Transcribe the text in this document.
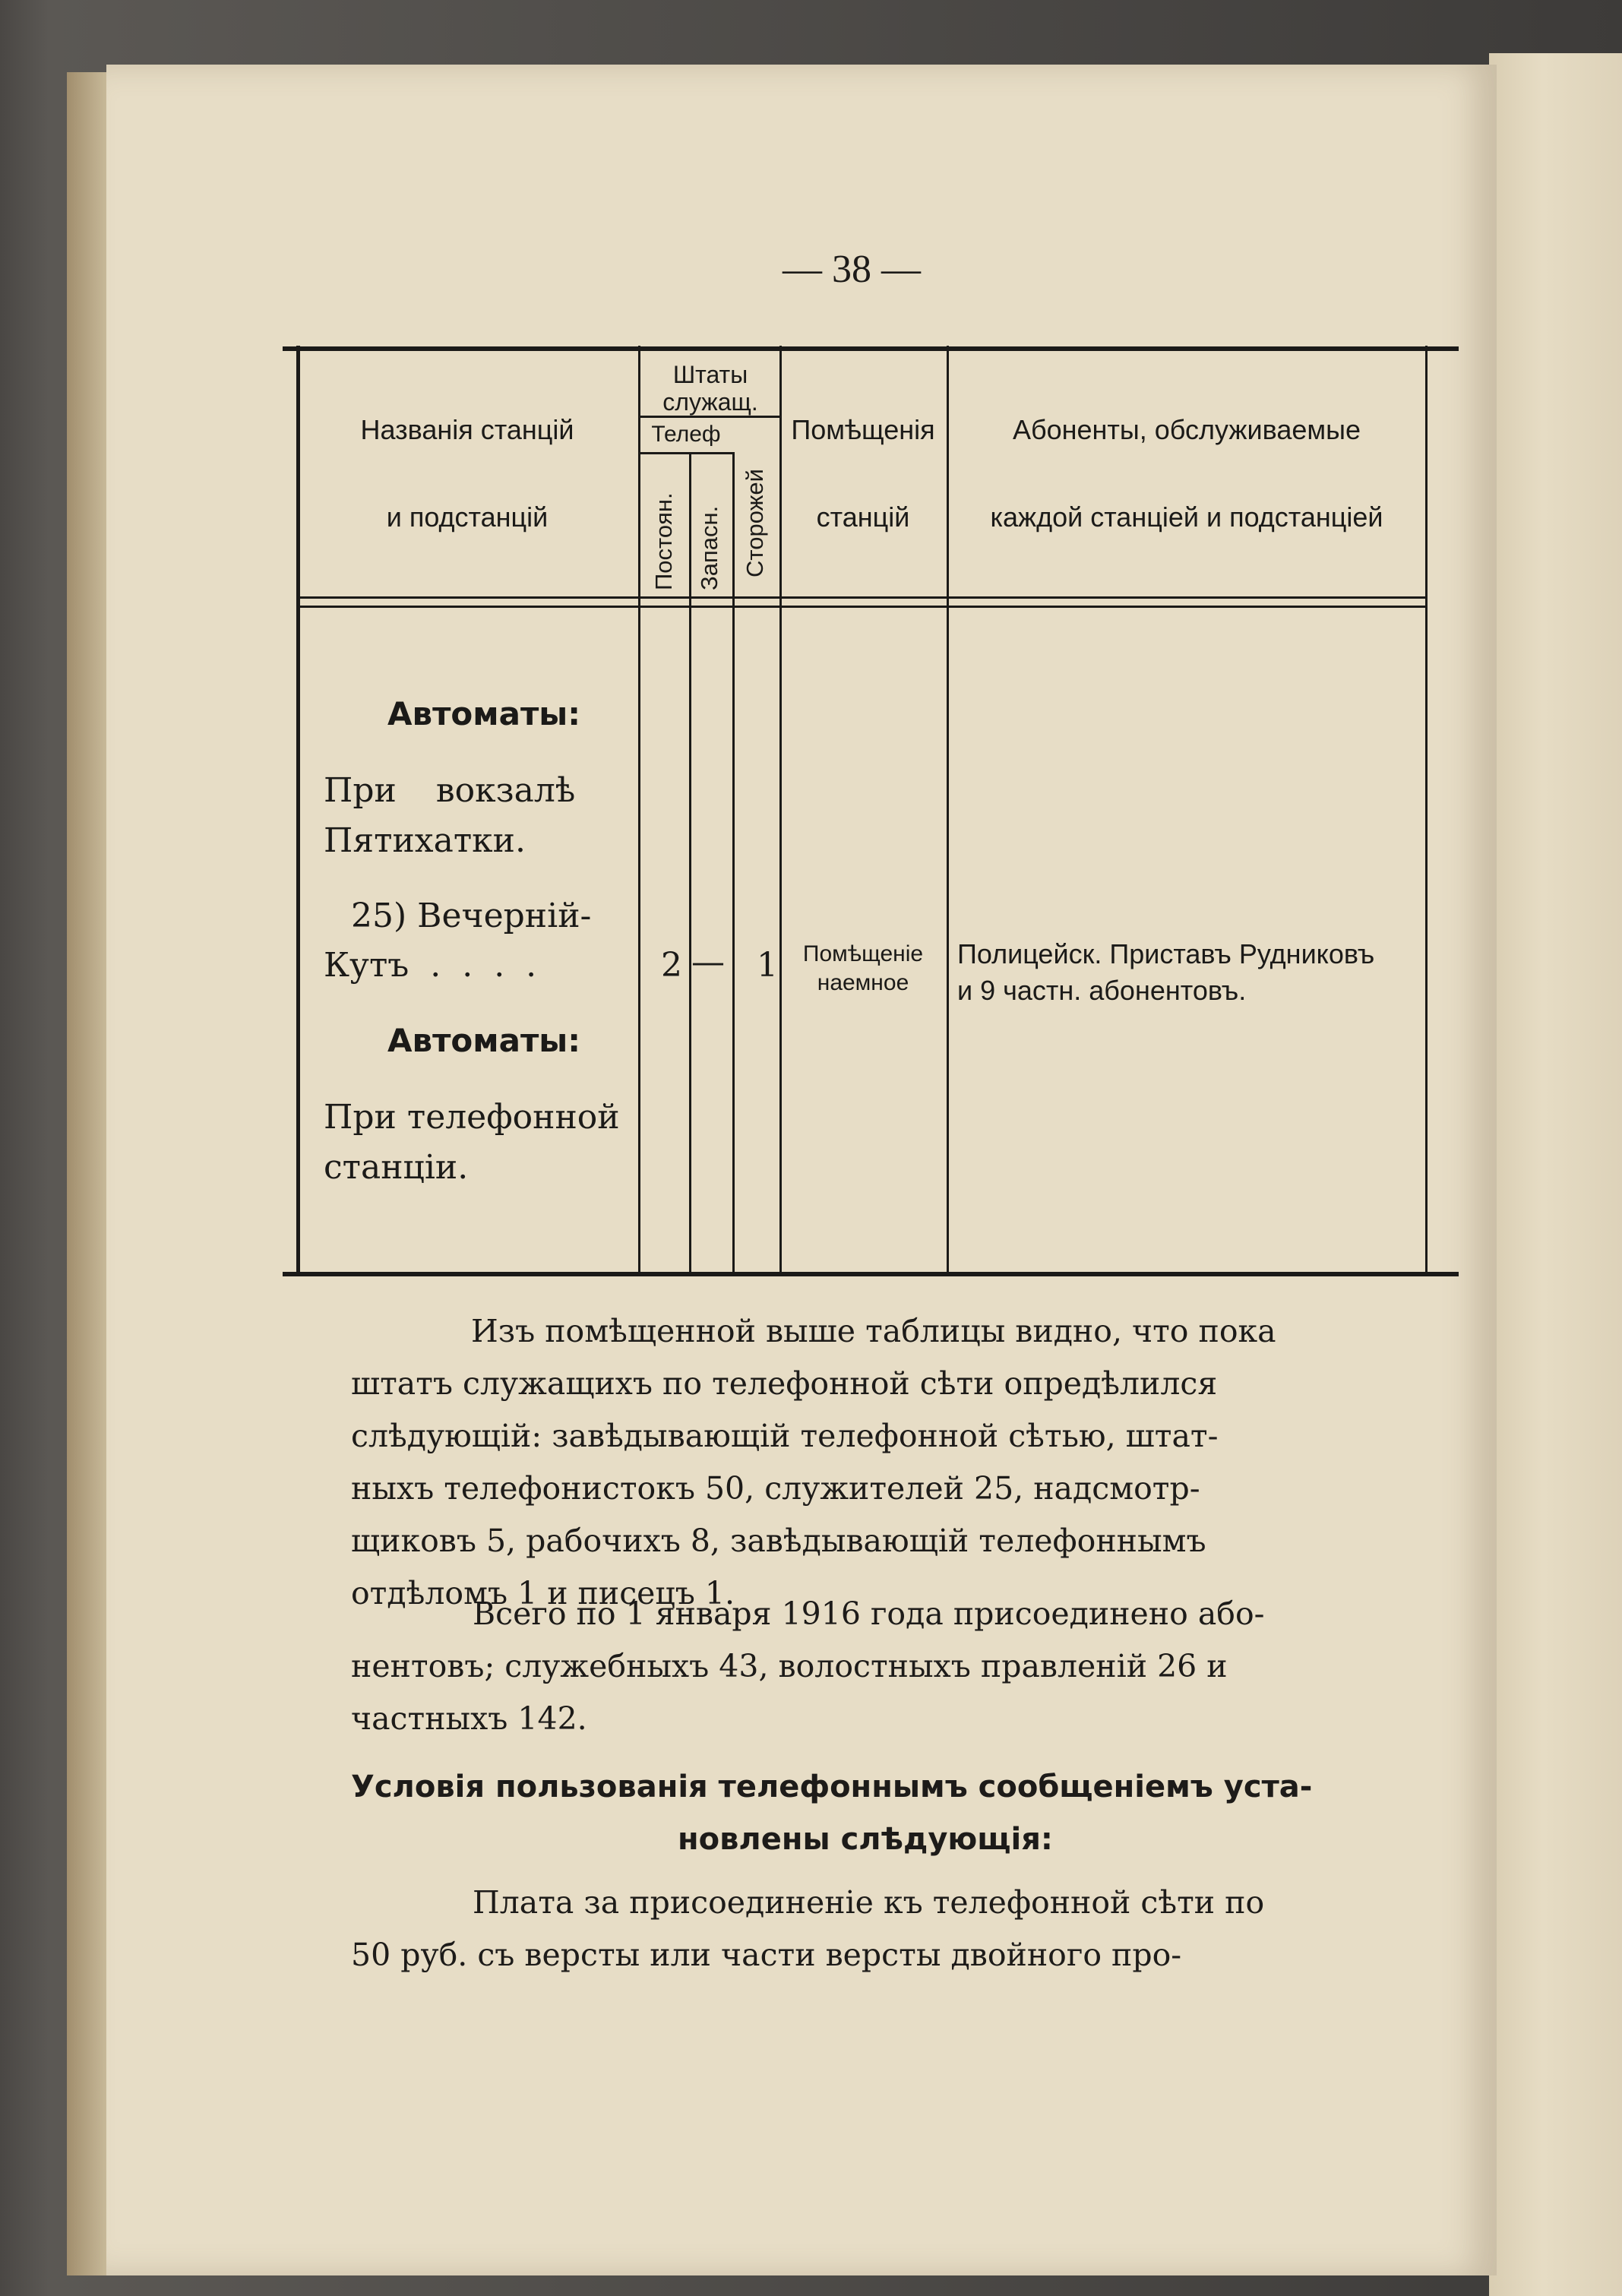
— 38 —
Названія станцій
и подстанцій
Штаты служащ.
Телеф
Постоян. Запасн. Сторожей
Помѣщенія
станцій
Абоненты, обслуживаемые
каждой станціей и подстанціей
Автоматы:
При вокзалѣ
Пятихатки.
25) Вечерній-
Кутъ . . . .
Автоматы:
При телефонной
станціи.
2 — 1	Помѣщеніе
наемное
Полицейск. Приставъ Рудниковъ
и 9 частн. абонентовъ.
Изъ помѣщенной выше таблицы видно, что пока
штатъ служащихъ по телефонной сѣти опредѣлился
слѣдующій: завѣдывающій телефонной сѣтью, штат-
ныхъ телефонистокъ 50, служителей 25, надсмотр-
щиковъ 5, рабочихъ 8, завѣдывающій телефоннымъ
отдѣломъ 1 и писецъ 1.
Всего по 1 января 1916 года присоединено або-
нентовъ; служебныхъ 43, волостныхъ правленій 26 и
частныхъ 142.
Условія пользованія телефоннымъ сообщеніемъ уста-
новлены слѣдующія:
Плата за присоединеніе къ телефонной сѣти по
50 руб. съ версты или части версты двойного про-
